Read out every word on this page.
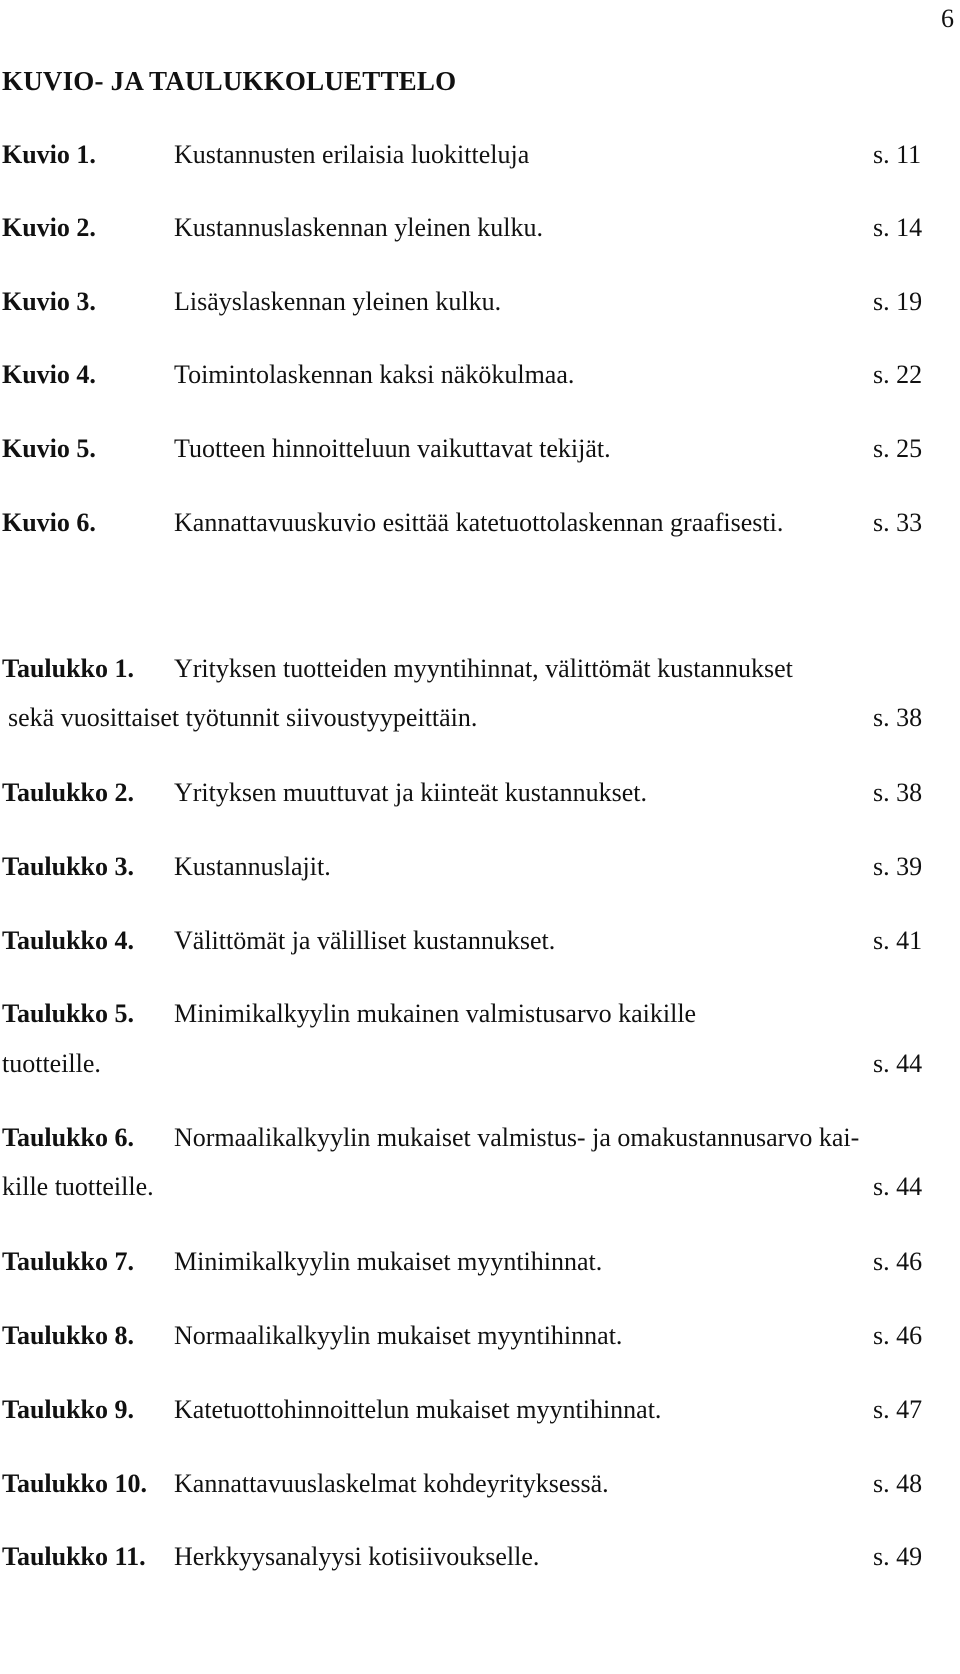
6
KUVIO- JA TAULUKKOLUETTELO
Kuvio 1.	Kustannusten erilaisia luokitteluja	s. 11
Kuvio 2.	Kustannuslaskennan yleinen kulku.	s. 14
Kuvio 3.	Lisäyslaskennan yleinen kulku.	s. 19
Kuvio 4.	Toimintolaskennan kaksi näkökulmaa.	s. 22
Kuvio 5.	Tuotteen hinnoitteluun vaikuttavat tekijät.	s. 25
Kuvio 6.	Kannattavuuskuvio esittää katetuottolaskennan graafisesti.	s. 33
Taulukko 1. Yrityksen tuotteiden myyntihinnat, välittömät kustannukset
sekä vuosittaiset työtunnit siivoustyypeittäin.	s. 38
Taulukko 2. Yrityksen muuttuvat ja kiinteät kustannukset.	s. 38
Taulukko 3. Kustannuslajit.	s. 39
Taulukko 4. Välittömät ja välilliset kustannukset.	s. 41
Taulukko 5. Minimikalkyylin mukainen valmistusarvo kaikille
tuotteille.	s. 44
Taulukko 6. Normaalikalkyylin mukaiset valmistus- ja omakustannusarvo kai-
kille tuotteille.	s. 44
Taulukko 7. Minimikalkyylin mukaiset myyntihinnat.	s. 46
Taulukko 8. Normaalikalkyylin mukaiset myyntihinnat.	s. 46
Taulukko 9. Katetuottohinnoittelun mukaiset myyntihinnat.	s. 47
Taulukko 10. Kannattavuuslaskelmat kohdeyrityksessä.	s. 48
Taulukko 11. Herkkyysanalyysi kotisiivoukselle.	s. 49
